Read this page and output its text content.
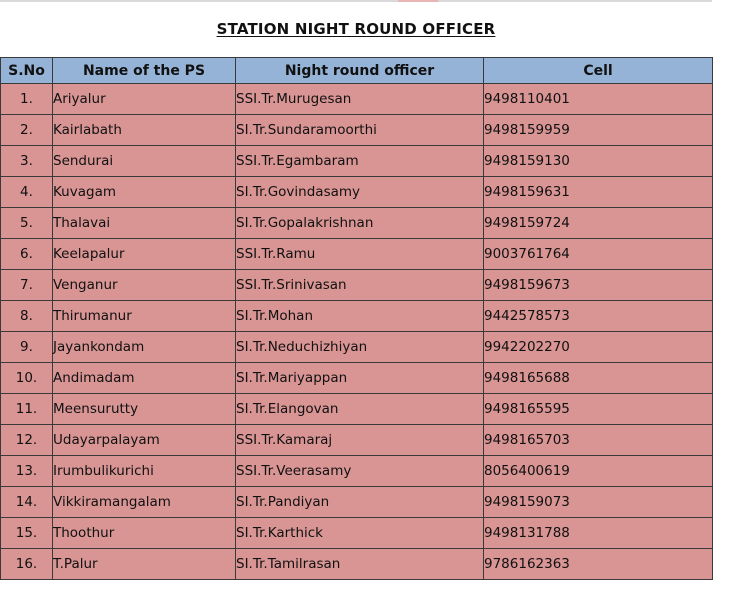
STATION NIGHT ROUND OFFICER
S.No	Name of the PS	Night round officer	Cell
1.	Ariyalur	SSI.Tr.Murugesan	9498110401
2.	Kairlabath	SI.Tr.Sundaramoorthi	9498159959
3.	Sendurai	SSI.Tr.Egambaram	9498159130
4.	Kuvagam	SI.Tr.Govindasamy	9498159631
5.	Thalavai	SI.Tr.Gopalakrishnan	9498159724
6.	Keelapalur	SSI.Tr.Ramu	9003761764
7.	Venganur	SSI.Tr.Srinivasan	9498159673
8.	Thirumanur	SI.Tr.Mohan	9442578573
9.	Jayankondam	SI.Tr.Neduchizhiyan	9942202270
10.	Andimadam	SI.Tr.Mariyappan	9498165688
11.	Meensurutty	SI.Tr.Elangovan	9498165595
12.	Udayarpalayam	SSI.Tr.Kamaraj	9498165703
13.	Irumbulikurichi	SSI.Tr.Veerasamy	8056400619
14.	Vikkiramangalam	SI.Tr.Pandiyan	9498159073
15.	Thoothur	SI.Tr.Karthick	9498131788
16.	T.Palur	SI.Tr.Tamilrasan	9786162363
